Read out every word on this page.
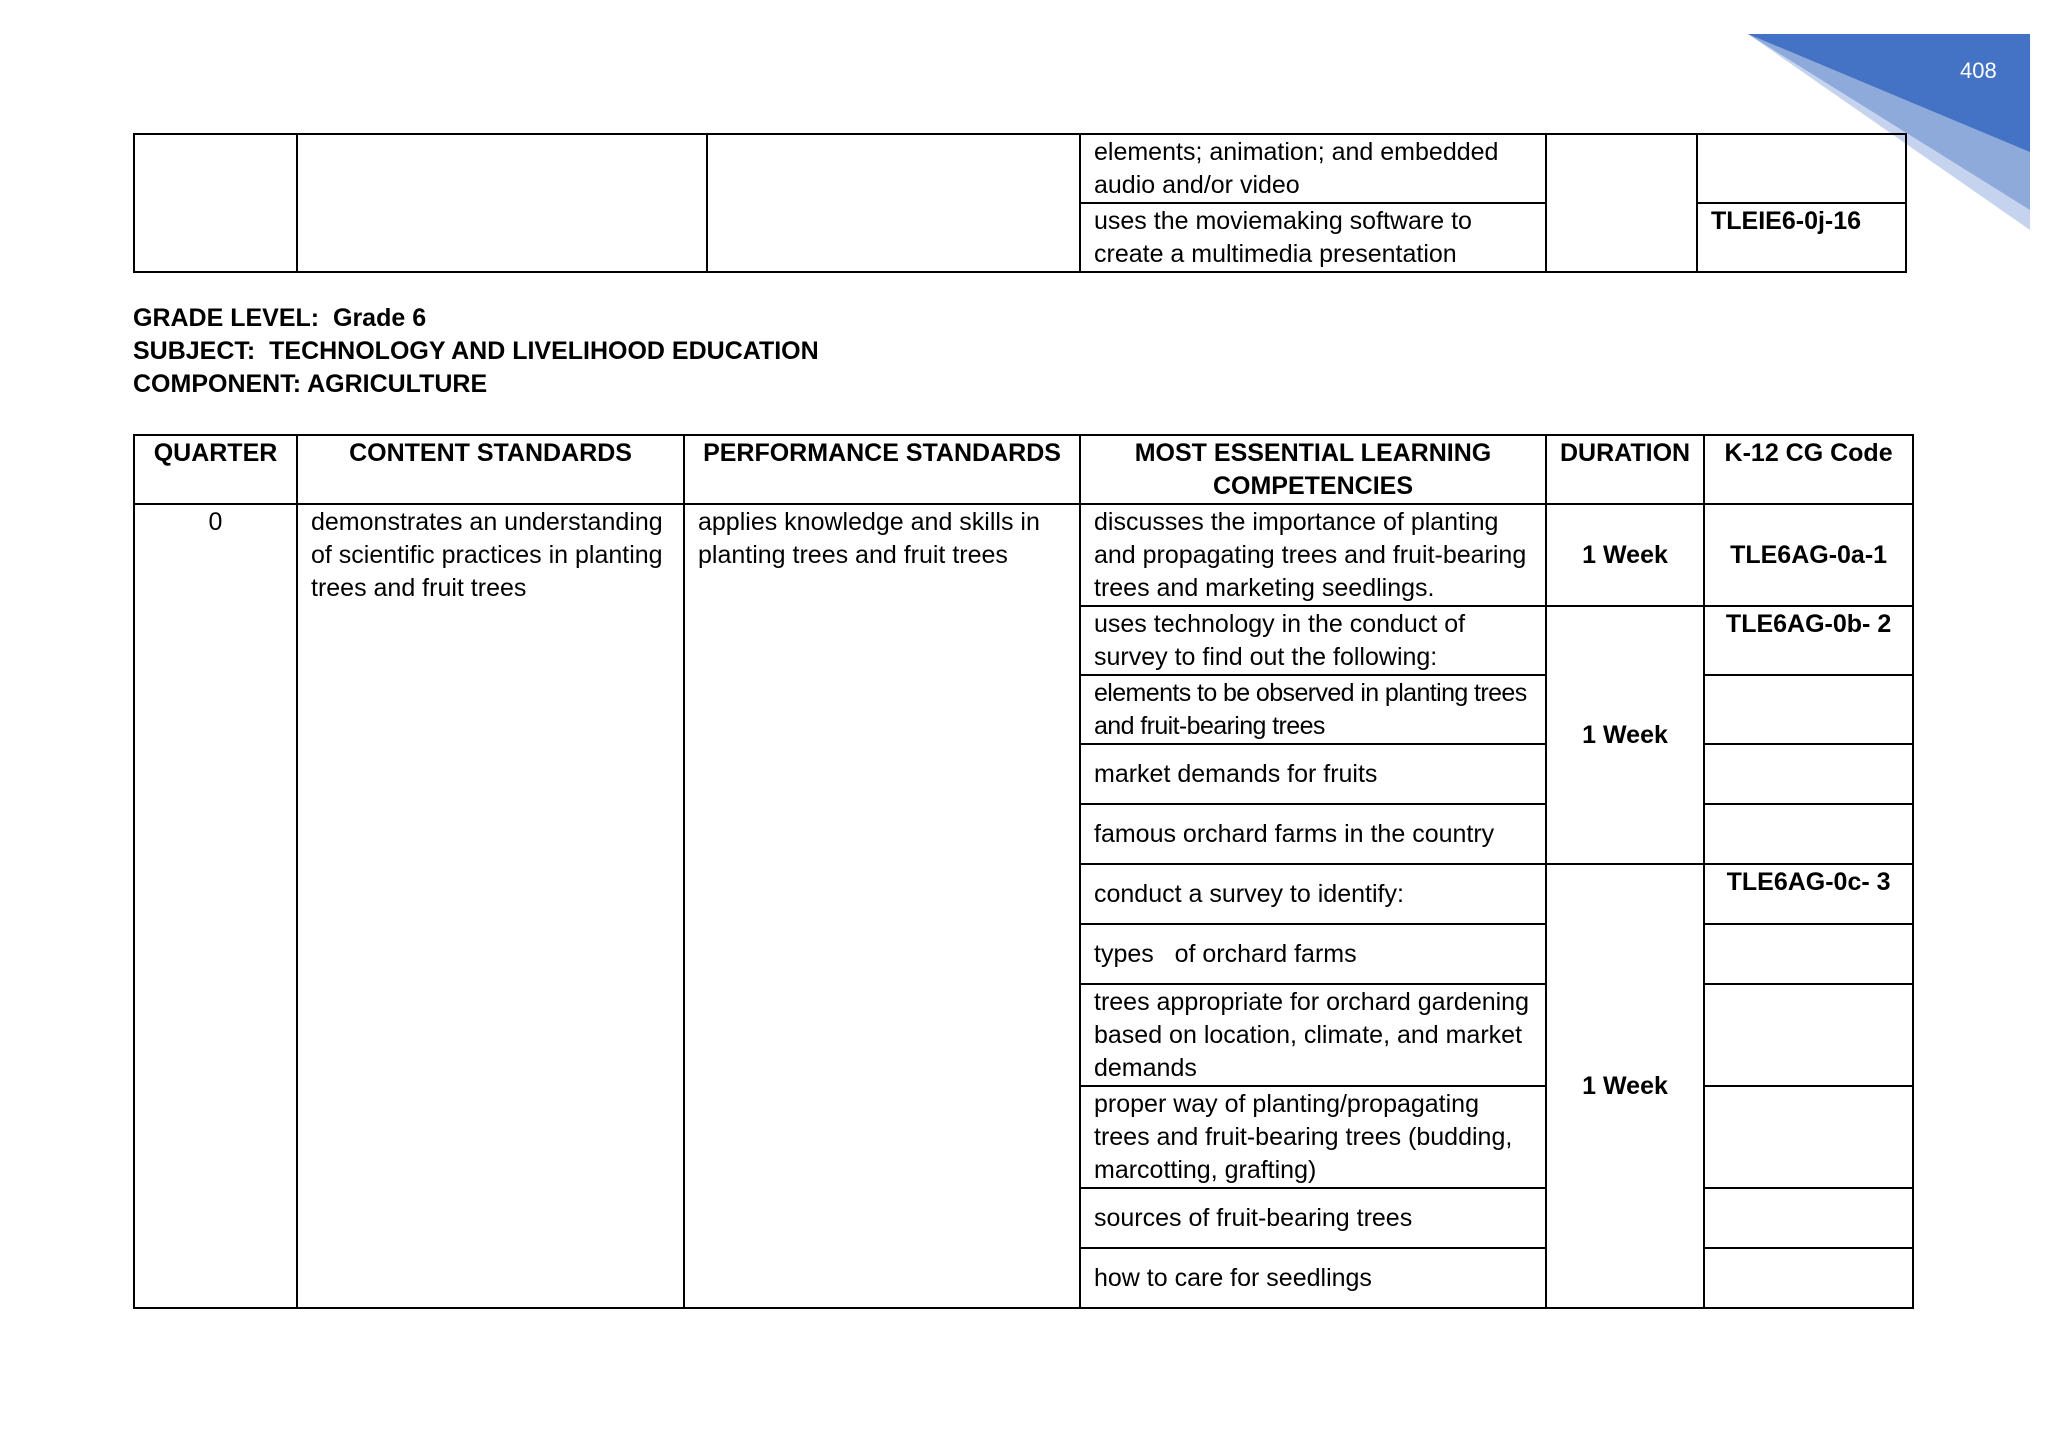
408
			elements; animation; and embedded audio and/or video		
			uses the moviemaking software to create a multimedia presentation		TLEIE6-0j-16
GRADE LEVEL:  Grade 6
SUBJECT:  TECHNOLOGY AND LIVELIHOOD EDUCATION
COMPONENT: AGRICULTURE
QUARTER	CONTENT STANDARDS	PERFORMANCE STANDARDS	MOST ESSENTIAL LEARNING COMPETENCIES	DURATION	K-12 CG Code
0	demonstrates an understanding of scientific practices in planting trees and fruit trees	applies knowledge and skills in planting trees and fruit trees	discusses the importance of planting and propagating trees and fruit-bearing trees and marketing seedlings.	1 Week	TLE6AG-0a-1
			uses technology in the conduct of survey to find out the following:	1 Week	TLE6AG-0b- 2
			elements to be observed in planting trees and fruit-bearing trees		
			market demands for fruits		
			famous orchard farms in the country		
			conduct a survey to identify:	1 Week	TLE6AG-0c- 3
			types   of orchard farms		
			trees appropriate for orchard gardening   based on location, climate, and market demands		
			proper way of planting/propagating trees and fruit-bearing trees (budding, marcotting, grafting)		
			sources of fruit-bearing trees		
			how to care for seedlings		
